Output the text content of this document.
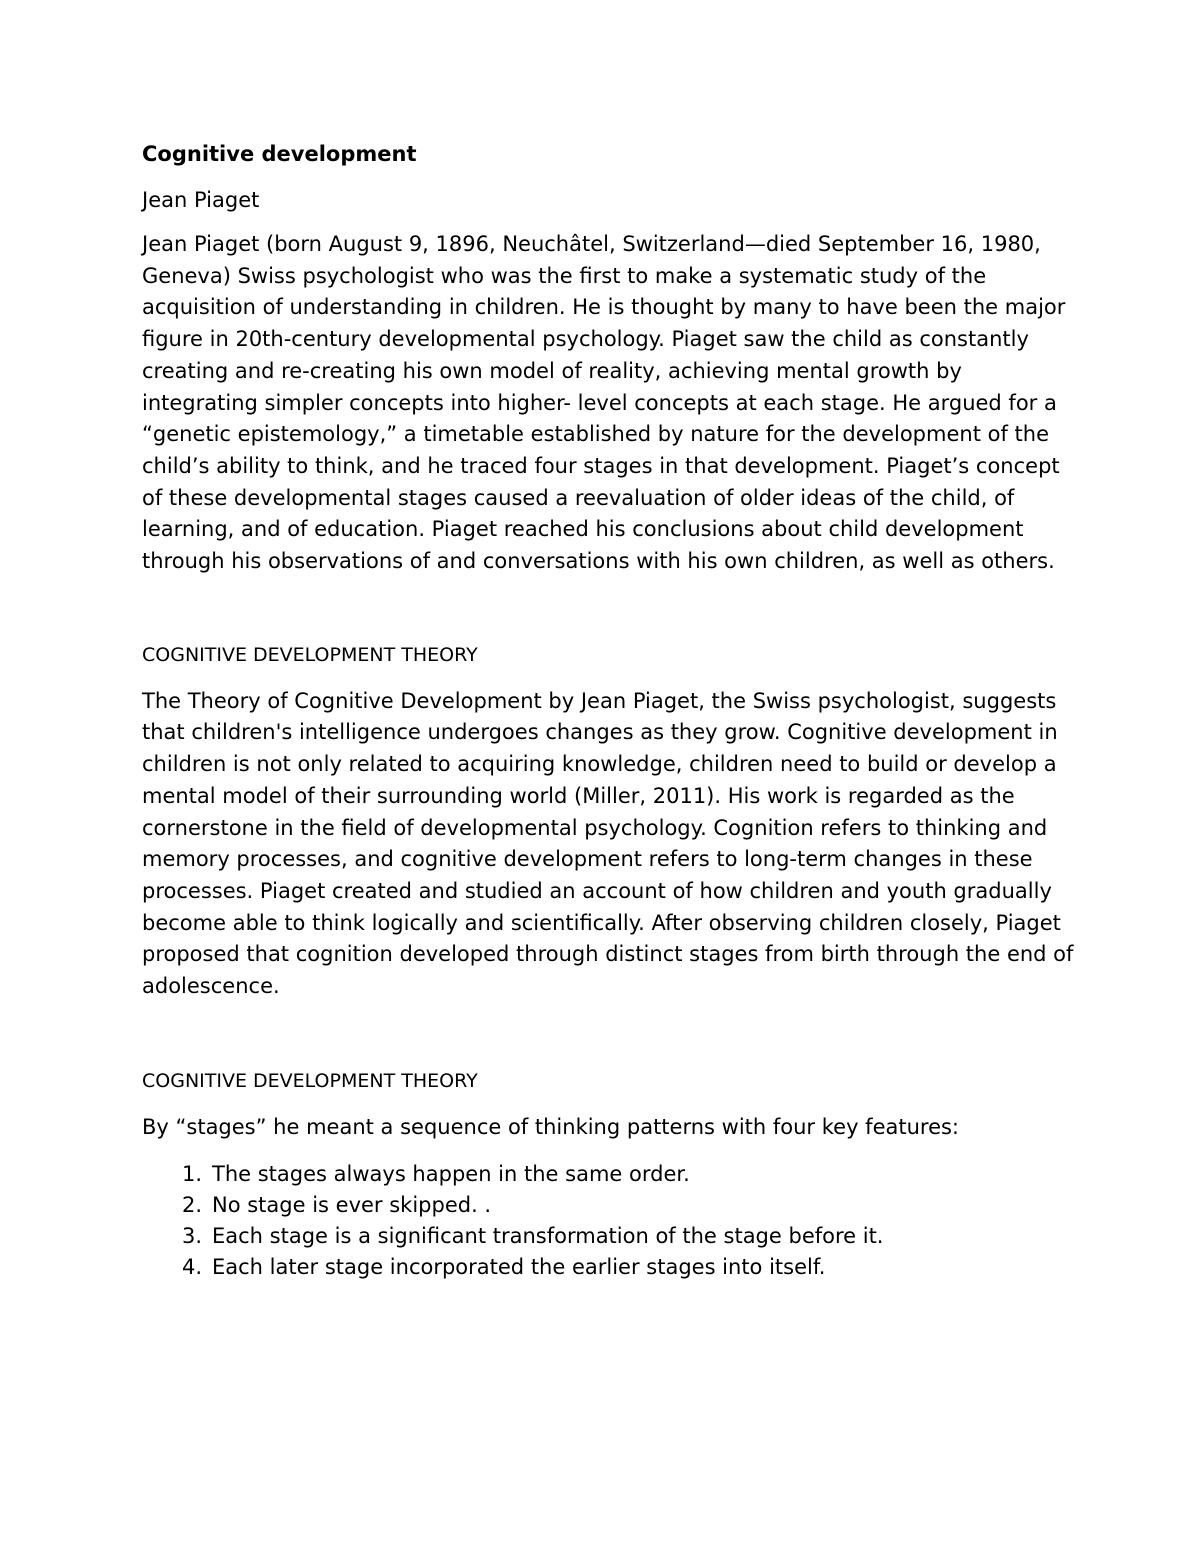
Cognitive development
Jean Piaget

Jean Piaget (born August 9, 1896, Neuchâtel, Switzerland—died September 16, 1980, Geneva) Swiss psychologist who was the first to make a systematic study of the acquisition of understanding in children. He is thought by many to have been the major figure in 20th-century developmental psychology. Piaget saw the child as constantly creating and re-creating his own model of reality, achieving mental growth by integrating simpler concepts into higher- level concepts at each stage. He argued for a “genetic epistemology,” a timetable established by nature for the development of the child’s ability to think, and he traced four stages in that development. Piaget’s concept of these developmental stages caused a reevaluation of older ideas of the child, of learning, and of education. Piaget reached his conclusions about child development through his observations of and conversations with his own children, as well as others.

COGNITIVE DEVELOPMENT THEORY

The Theory of Cognitive Development by Jean Piaget, the Swiss psychologist, suggests that children's intelligence undergoes changes as they grow. Cognitive development in children is not only related to acquiring knowledge, children need to build or develop a mental model of their surrounding world (Miller, 2011). His work is regarded as the cornerstone in the field of developmental psychology. Cognition refers to thinking and memory processes, and cognitive development refers to long-term changes in these processes. Piaget created and studied an account of how children and youth gradually become able to think logically and scientifically. After observing children closely, Piaget proposed that cognition developed through distinct stages from birth through the end of adolescence.

COGNITIVE DEVELOPMENT THEORY

By “stages” he meant a sequence of thinking patterns with four key features:

1. The stages always happen in the same order.
2. No stage is ever skipped. .
3. Each stage is a significant transformation of the stage before it.
4. Each later stage incorporated the earlier stages into itself.
